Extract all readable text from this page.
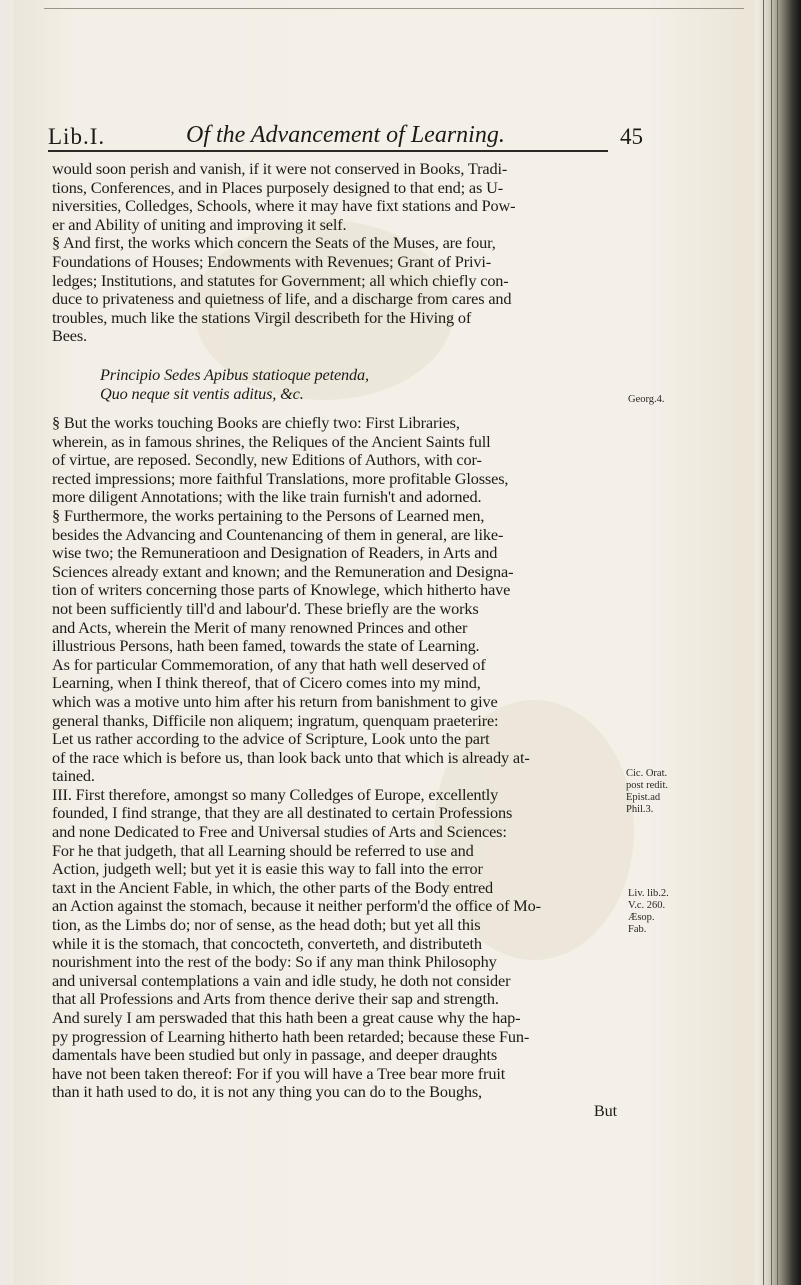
Lib.I.	Of the Advancement of Learning.	45
would soon perish and vanish, if it were not conserved in Books, Tradi-
tions, Conferences, and in Places purposely designed to that end; as U-
niversities, Colledges, Schools, where it may have fixt stations and Pow-
er and Ability of uniting and improving it self.
§ And first, the works which concern the Seats of the Muses, are four,
Foundations of Houses; Endowments with Revenues; Grant of Privi-
ledges; Institutions, and statutes for Government; all which chiefly con-
duce to privateness and quietness of life, and a discharge from cares and
troubles, much like the stations Virgil describeth for the Hiving of
Bees.
Principio Sedes Apibus statioque petenda,
Quo neque sit ventis aditus, &c.
§ But the works touching Books are chiefly two: First Libraries,
wherein, as in famous shrines, the Reliques of the Ancient Saints full
of virtue, are reposed. Secondly, new Editions of Authors, with cor-
rected impressions; more faithful Translations, more profitable Glosses,
more diligent Annotations; with the like train furnish't and adorned.
§ Furthermore, the works pertaining to the Persons of Learned men,
besides the Advancing and Countenancing of them in general, are like-
wise two; the Remuneratioon and Designation of Readers, in Arts and
Sciences already extant and known; and the Remuneration and Designa-
tion of writers concerning those parts of Knowlege, which hitherto have
not been sufficiently till'd and labour'd. These briefly are the works
and Acts, wherein the Merit of many renowned Princes and other
illustrious Persons, hath been famed, towards the state of Learning.
As for particular Commemoration, of any that hath well deserved of
Learning, when I think thereof, that of Cicero comes into my mind,
which was a motive unto him after his return from banishment to give
general thanks, Difficile non aliquem; ingratum, quenquam praeterire:
Let us rather according to the advice of Scripture, Look unto the part
of the race which is before us, than look back unto that which is already at-
tained.
III. First therefore, amongst so many Colledges of Europe, excellently
founded, I find strange, that they are all destinated to certain Professions
and none Dedicated to Free and Universal studies of Arts and Sciences:
For he that judgeth, that all Learning should be referred to use and
Action, judgeth well; but yet it is easie this way to fall into the error
taxt in the Ancient Fable, in which, the other parts of the Body entred
an Action against the stomach, because it neither perform'd the office of Mo-
tion, as the Limbs do; nor of sense, as the head doth; but yet all this
while it is the stomach, that concocteth, converteth, and distributeth
nourishment into the rest of the body: So if any man think Philosophy
and universal contemplations a vain and idle study, he doth not consider
that all Professions and Arts from thence derive their sap and strength.
And surely I am perswaded that this hath been a great cause why the hap-
py progression of Learning hitherto hath been retarded; because these Fun-
damentals have been studied but only in passage, and deeper draughts
have not been taken thereof: For if you will have a Tree bear more fruit
than it hath used to do, it is not any thing you can do to the Boughs,
But
Georg.4.
Cic. Orat.
post redit.
Epist.ad
Phil.3.
Liv. lib.2.
V.c. 260.
Æsop.
Fab.
